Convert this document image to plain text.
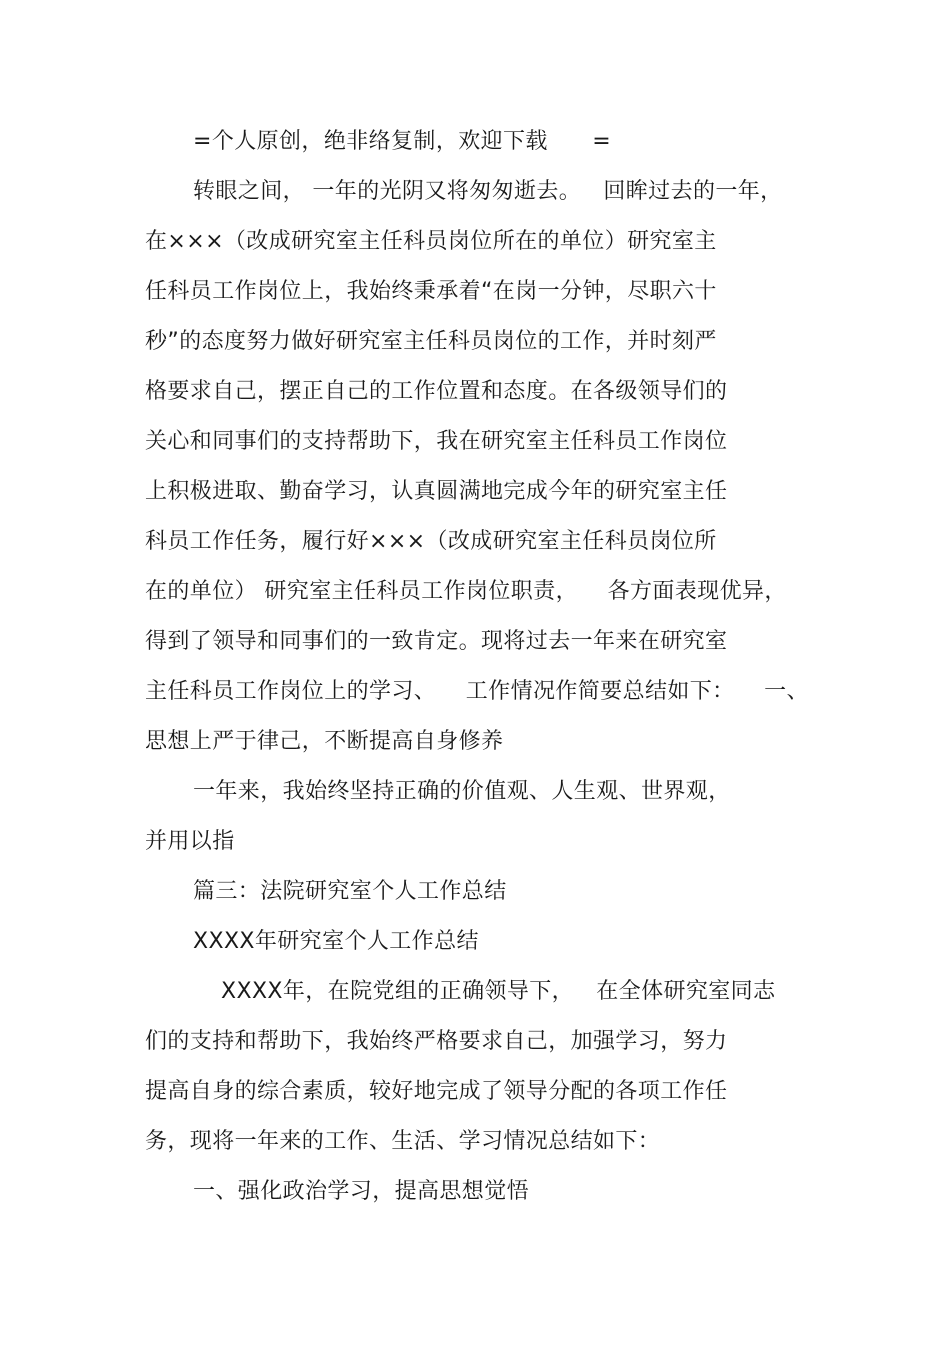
=个人原创，绝非络复制，欢迎下载      =
转眼之间， 一年的光阴又将匆匆逝去。   回眸过去的一年，
在×××（改成研究室主任科员岗位所在的单位）研究室主
任科员工作岗位上，我始终秉承着“在岗一分钟，尽职六十
秒”的态度努力做好研究室主任科员岗位的工作，并时刻严
格要求自己，摆正自己的工作位置和态度。在各级领导们的
关心和同事们的支持帮助下，我在研究室主任科员工作岗位
上积极进取、勤奋学习，认真圆满地完成今年的研究室主任
科员工作任务，履行好×××（改成研究室主任科员岗位所
在的单位） 研究室主任科员工作岗位职责，    各方面表现优异，
得到了领导和同事们的一致肯定。现将过去一年来在研究室
主任科员工作岗位上的学习、    工作情况作简要总结如下：    一、
思想上严于律己，不断提高自身修养
一年来，我始终坚持正确的价值观、人生观、世界观，
并用以指
篇三：法院研究室个人工作总结
XXXX年研究室个人工作总结
XXXX年，在院党组的正确领导下，   在全体研究室同志
们的支持和帮助下，我始终严格要求自己，加强学习，努力
提高自身的综合素质，较好地完成了领导分配的各项工作任
务，现将一年来的工作、生活、学习情况总结如下：
一、强化政治学习，提高思想觉悟
